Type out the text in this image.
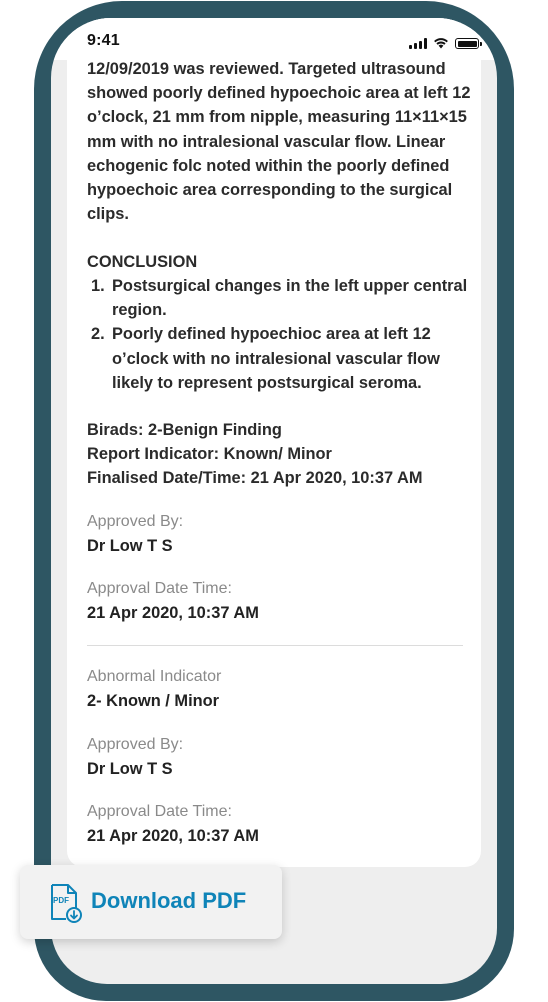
9:41
12/09/2019 was reviewed. Targeted ultrasound showed poorly defined hypoechoic area at left 12 o’clock, 21 mm from nipple, measuring 11×11×15 mm with no intralesional vascular flow. Linear echogenic folc noted within the poorly defined hypoechoic area corresponding to the surgical clips.
CONCLUSION
1. Postsurgical changes in the left upper central region.
2. Poorly defined hypoechioc area at left 12 o’clock with no intralesional vascular flow likely to represent postsurgical seroma.
Birads: 2-Benign Finding
Report Indicator: Known/ Minor
Finalised Date/Time: 21 Apr 2020, 10:37 AM
Approved By:
Dr Low T S
Approval Date Time:
21 Apr 2020, 10:37 AM
Abnormal Indicator
2- Known / Minor
Approved By:
Dr Low T S
Approval Date Time:
21 Apr 2020, 10:37 AM
PDF Download PDF
